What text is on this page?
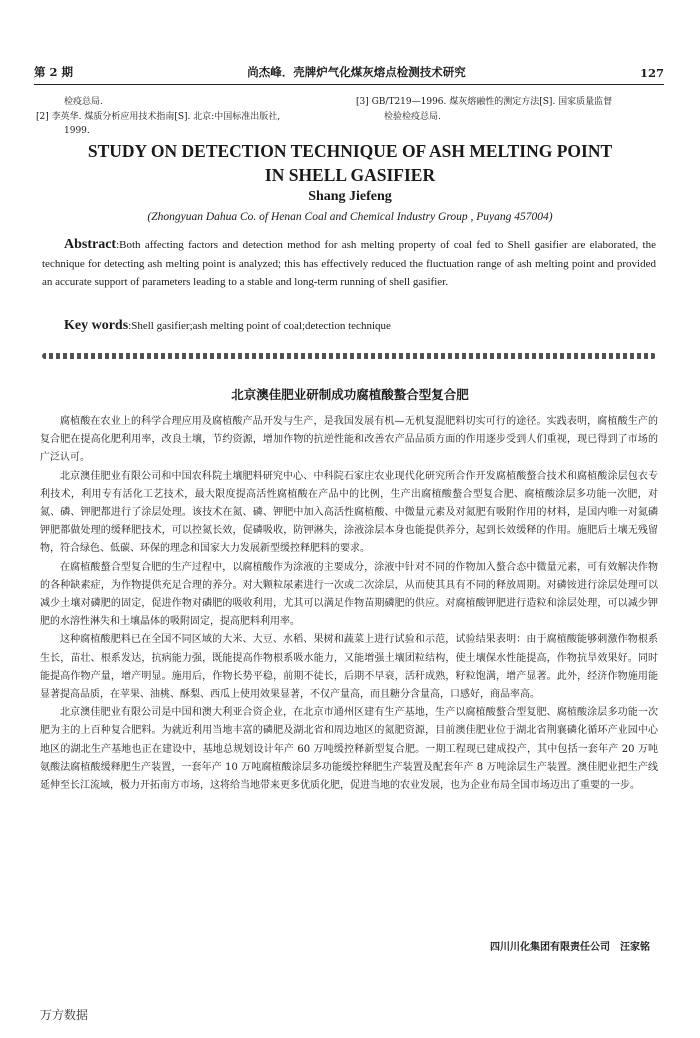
第 2 期	尚杰峰．壳牌炉气化煤灰熔点检测技术研究	127
检疫总局.
[2] 李英华. 煤质分析应用技术指南[S]. 北京:中国标准出版社,
1999.
[3] GB/T219—1996. 煤灰熔融性的测定方法[S]. 国家质量监督
检验检疫总局.
STUDY ON DETECTION TECHNIQUE OF ASH MELTING POINT
IN SHELL GASIFIER
Shang Jiefeng
(Zhongyuan Dahua Co. of Henan Coal and Chemical Industry Group , Puyang 457004)
Abstract:Both affecting factors and detection method for ash melting property of coal fed to Shell gasifier are elaborated, the technique for detecting ash melting point is analyzed; this has effectively reduced the fluctuation range of ash melting point and provided an accurate support of parameters leading to a stable and long-term running of shell gasifier.
Key words:Shell gasifier;ash melting point of coal;detection technique
北京澳佳肥业研制成功腐植酸螯合型复合肥

腐植酸在农业上的科学合理应用及腐植酸产品开发与生产，是我国发展有机—无机复混肥料切实可行的途径。实践表明，腐植酸生产的复合肥在提高化肥利用率，改良土壤，节约资源，增加作物的抗逆性能和改善农产品品质方面的作用逐步受到人们重视，现已得到了市场的广泛认可。

北京澳佳肥业有限公司和中国农科院土壤肥料研究中心、中科院石家庄农业现代化研究所合作开发腐植酸螯合技术和腐植酸涂层包衣专利技术，利用专有活化工艺技术，最大限度提高活性腐植酸在产品中的比例，生产出腐植酸螯合型复合肥、腐植酸涂层多功能一次肥，对氮、磷、钾肥都进行了涂层处理。该技术在氮、磷、钾肥中加入高活性腐植酸、中微量元素及对氮肥有吸附作用的材料，是国内唯一对氮磷钾肥都做处理的缓释肥技术，可以控氮长效，促磷吸收，防钾淋失，涂液涂层本身也能提供养分，起到长效缓释的作用。施肥后土壤无残留物，符合绿色、低碳、环保的理念和国家大力发展新型缓控释肥料的要求。

在腐植酸螯合型复合肥的生产过程中，以腐植酸作为涂液的主要成分，涂液中针对不同的作物加入螯合态中微量元素，可有效解决作物的各种缺素症，为作物提供充足合理的养分。对大颗粒尿素进行一次或二次涂层，从而使其具有不同的释放周期。对磷铵进行涂层处理可以减少土壤对磷肥的固定，促进作物对磷肥的吸收利用，尤其可以满足作物苗期磷肥的供应。对腐植酸钾肥进行造粒和涂层处理，可以减少钾肥的水溶性淋失和土壤晶体的吸附固定，提高肥料利用率。

这种腐植酸肥料已在全国不同区域的大米、大豆、水稻、果树和蔬菜上进行试验和示范，试验结果表明：由于腐植酸能够刺激作物根系生长，苗壮、根系发达，抗病能力强，既能提高作物根系吸水能力，又能增强土壤团粒结构，使土壤保水性能提高，作物抗旱效果好。同时能提高作物产量，增产明显。施用后，作物长势平稳，前期不徒长，后期不早衰，活秆成熟，籽粒饱满，增产显著。此外，经济作物施用能显著提高品质，在苹果、油桃、酥梨、西瓜上使用效果显著，不仅产量高，而且糖分含量高，口感好，商品率高。

北京澳佳肥业有限公司是中国和澳大利亚合资企业，在北京市通州区建有生产基地，生产以腐植酸螯合型复肥、腐植酸涂层多功能一次肥为主的上百种复合肥料。为就近利用当地丰富的磷肥及湖北省和周边地区的氮肥资源，目前澳佳肥业位于湖北省荆襄磷化循环产业园中心地区的湖北生产基地也正在建设中，基地总规划设计年产 60 万吨缓控释新型复合肥。一期工程现已建成投产，其中包括一套年产 20 万吨氨酸法腐植酸缓释肥生产装置，一套年产 10 万吨腐植酸涂层多功能缓控释肥生产装置及配套年产 8 万吨涂层生产装置。澳佳肥业把生产线延伸至长江流域，极力开拓南方市场，这将给当地带来更多优质化肥，促进当地的农业发展，也为企业布局全国市场迈出了重要的一步。

四川川化集团有限责任公司　汪家铭
万方数据
